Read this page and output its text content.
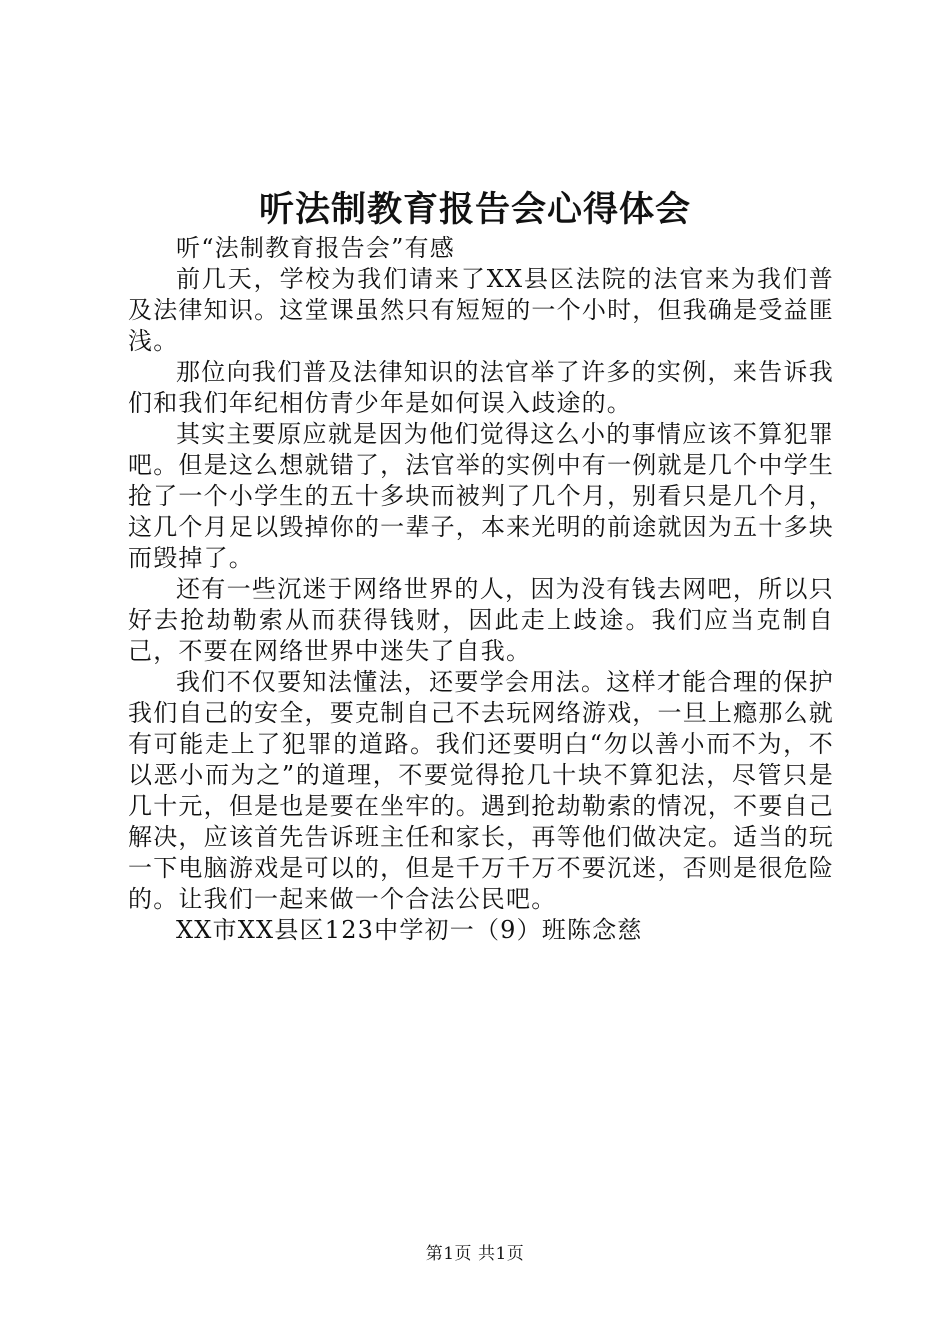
听法制教育报告会心得体会

听“法制教育报告会”有感

前几天，学校为我们请来了XX县区法院的法官来为我们普及法律知识。这堂课虽然只有短短的一个小时，但我确是受益匪浅。

那位向我们普及法律知识的法官举了许多的实例，来告诉我们和我们年纪相仿青少年是如何误入歧途的。

其实主要原应就是因为他们觉得这么小的事情应该不算犯罪吧。但是这么想就错了，法官举的实例中有一例就是几个中学生抢了一个小学生的五十多块而被判了几个月，别看只是几个月，这几个月足以毁掉你的一辈子，本来光明的前途就因为五十多块而毁掉了。

还有一些沉迷于网络世界的人，因为没有钱去网吧，所以只好去抢劫勒索从而获得钱财，因此走上歧途。我们应当克制自己，不要在网络世界中迷失了自我。

我们不仅要知法懂法，还要学会用法。这样才能合理的保护我们自己的安全，要克制自己不去玩网络游戏，一旦上瘾那么就有可能走上了犯罪的道路。我们还要明白“勿以善小而不为，不以恶小而为之”的道理，不要觉得抢几十块不算犯法，尽管只是几十元，但是也是要在坐牢的。遇到抢劫勒索的情况，不要自己解决，应该首先告诉班主任和家长，再等他们做决定。适当的玩一下电脑游戏是可以的，但是千万千万不要沉迷，否则是很危险的。让我们一起来做一个合法公民吧。

XX市XX县区123中学初一（9）班陈念慈

第1页 共1页
